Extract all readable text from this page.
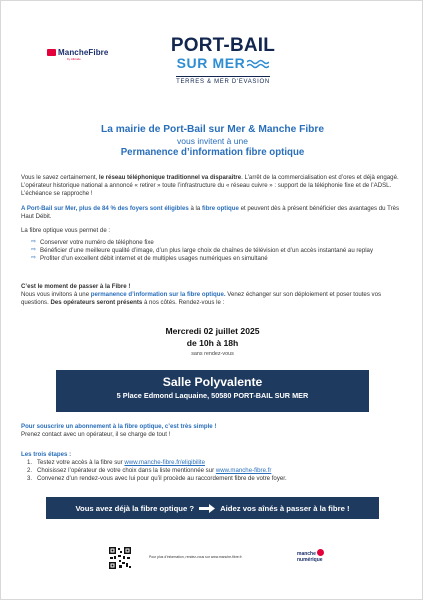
MancheFibre
by Altitude
PORT-BAIL
SUR MER
TERRES & MER D'EVASION
La mairie de Port-Bail sur Mer & Manche Fibre
vous invitent à une
Permanence d’information fibre optique
Vous le savez certainement, le réseau téléphonique traditionnel va disparaître. L’arrêt de la commercialisation est d’ores et déjà engagé. L’opérateur historique national a annoncé « retirer » toute l’infrastructure du « réseau cuivre » : support de la téléphonie fixe et de l’ADSL. L’échéance se rapproche !
A Port-Bail sur Mer, plus de 84 % des foyers sont éligibles à la fibre optique et peuvent dès à présent bénéficier des avantages du Très Haut Débit.
La fibre optique vous permet de :
⇨ Conserver votre numéro de téléphone fixe
⇨ Bénéficier d’une meilleure qualité d’image, d’un plus large choix de chaînes de télévision et d’un accès instantané au replay
⇨ Profiter d’un excellent débit internet et de multiples usages numériques en simultané
C’est le moment de passer à la Fibre !
Nous vous invitons à une permanence d’information sur la fibre optique. Venez échanger sur son déploiement et poser toutes vos questions. Des opérateurs seront présents à nos côtés. Rendez-vous le :
Mercredi 02 juillet 2025
de 10h à 18h
sans rendez-vous
Salle Polyvalente
5 Place Edmond Laquaine, 50580 PORT-BAIL SUR MER
Pour souscrire un abonnement à la fibre optique, c’est très simple !
Prenez contact avec un opérateur, il se charge de tout !
Les trois étapes :
1. Testez votre accès à la fibre sur www.manche-fibre.fr/eligibilite
2. Choisissez l’opérateur de votre choix dans la liste mentionnée sur www.manche-fibre.fr
3. Convenez d’un rendez-vous avec lui pour qu’il procède au raccordement fibre de votre foyer.
Vous avez déjà la fibre optique ?	Aidez vos aînés à passer à la fibre !
Pour plus d’information, rendez-vous sur www.manche-fibre.fr	manche
numérique
